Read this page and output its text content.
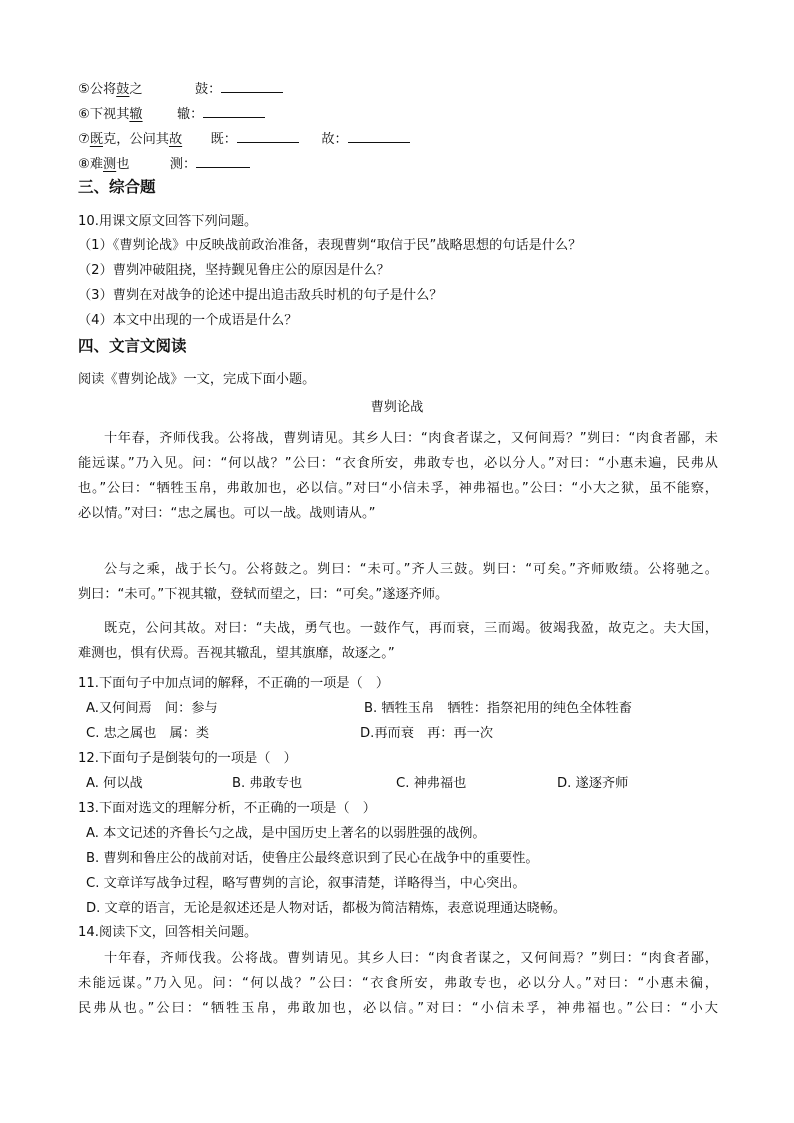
⑤公将鼓之	鼓：
⑥下视其辙	辙：
⑦既克，公问其故 既：	故：
⑧难测也	测：
三、综合题
10.用课文原文回答下列问题。
（1）《曹刿论战》中反映战前政治准备，表现曹刿“取信于民”战略思想的句话是什么？
（2）曹刿冲破阻挠，坚持觐见鲁庄公的原因是什么？
（3）曹刿在对战争的论述中提出追击敌兵时机的句子是什么？
（4）本文中出现的一个成语是什么？
四、文言文阅读
阅读《曹刿论战》一文，完成下面小题。
曹刿论战
十年春，齐师伐我。公将战，曹刿请见。其乡人曰：“肉食者谋之，又何间焉？”刿曰：“肉食者鄙，未
能远谋。”乃入见。问：“何以战？”公曰：“衣食所安，弗敢专也，必以分人。”对曰：“小惠未遍，民弗从
也。”公曰：“牺牲玉帛，弗敢加也，必以信。”对曰“小信未孚，神弗福也。”公曰：“小大之狱，虽不能察，
必以情。”对曰：“忠之属也。可以一战。战则请从。”
公与之乘，战于长勺。公将鼓之。刿曰：“未可。”齐人三鼓。刿曰：“可矣。”齐师败绩。公将驰之。
刿曰：“未可。”下视其辙，登轼而望之，曰：“可矣。”遂逐齐师。
既克，公问其故。对曰：“夫战，勇气也。一鼓作气，再而衰，三而竭。彼竭我盈，故克之。夫大国，
难测也，惧有伏焉。吾视其辙乱，望其旗靡，故逐之。”
11.下面句子中加点词的解释，不正确的一项是（　）
A.又何间焉　间：参与	B. 牺牲玉帛　牺牲：指祭祀用的纯色全体牲畜
C. 忠之属也　属：类	D.再而衰　再：再一次
12.下面句子是倒装句的一项是（　）
A. 何以战	B. 弗敢专也	C. 神弗福也	D. 遂逐齐师
13.下面对选文的理解分析，不正确的一项是（　）
A. 本文记述的齐鲁长勺之战，是中国历史上著名的以弱胜强的战例。
B. 曹刿和鲁庄公的战前对话，使鲁庄公最终意识到了民心在战争中的重要性。
C. 文章详写战争过程，略写曹刿的言论，叙事清楚，详略得当，中心突出。
D. 文章的语言，无论是叙述还是人物对话，都极为简洁精炼，表意说理通达晓畅。
14.阅读下文，回答相关问题。
十年春，齐师伐我。公将战。曹刿请见。其乡人曰：“肉食者谋之，又何间焉？”刿曰：“肉食者鄙，
未能远谋。”乃入见。问：“何以战？”公曰：“衣食所安，弗敢专也，必以分人。”对曰：“小惠未徧，
民弗从也。”公曰：“牺牲玉帛，弗敢加也，必以信。”对曰：“小信未孚，神弗福也。”公曰：“小大
